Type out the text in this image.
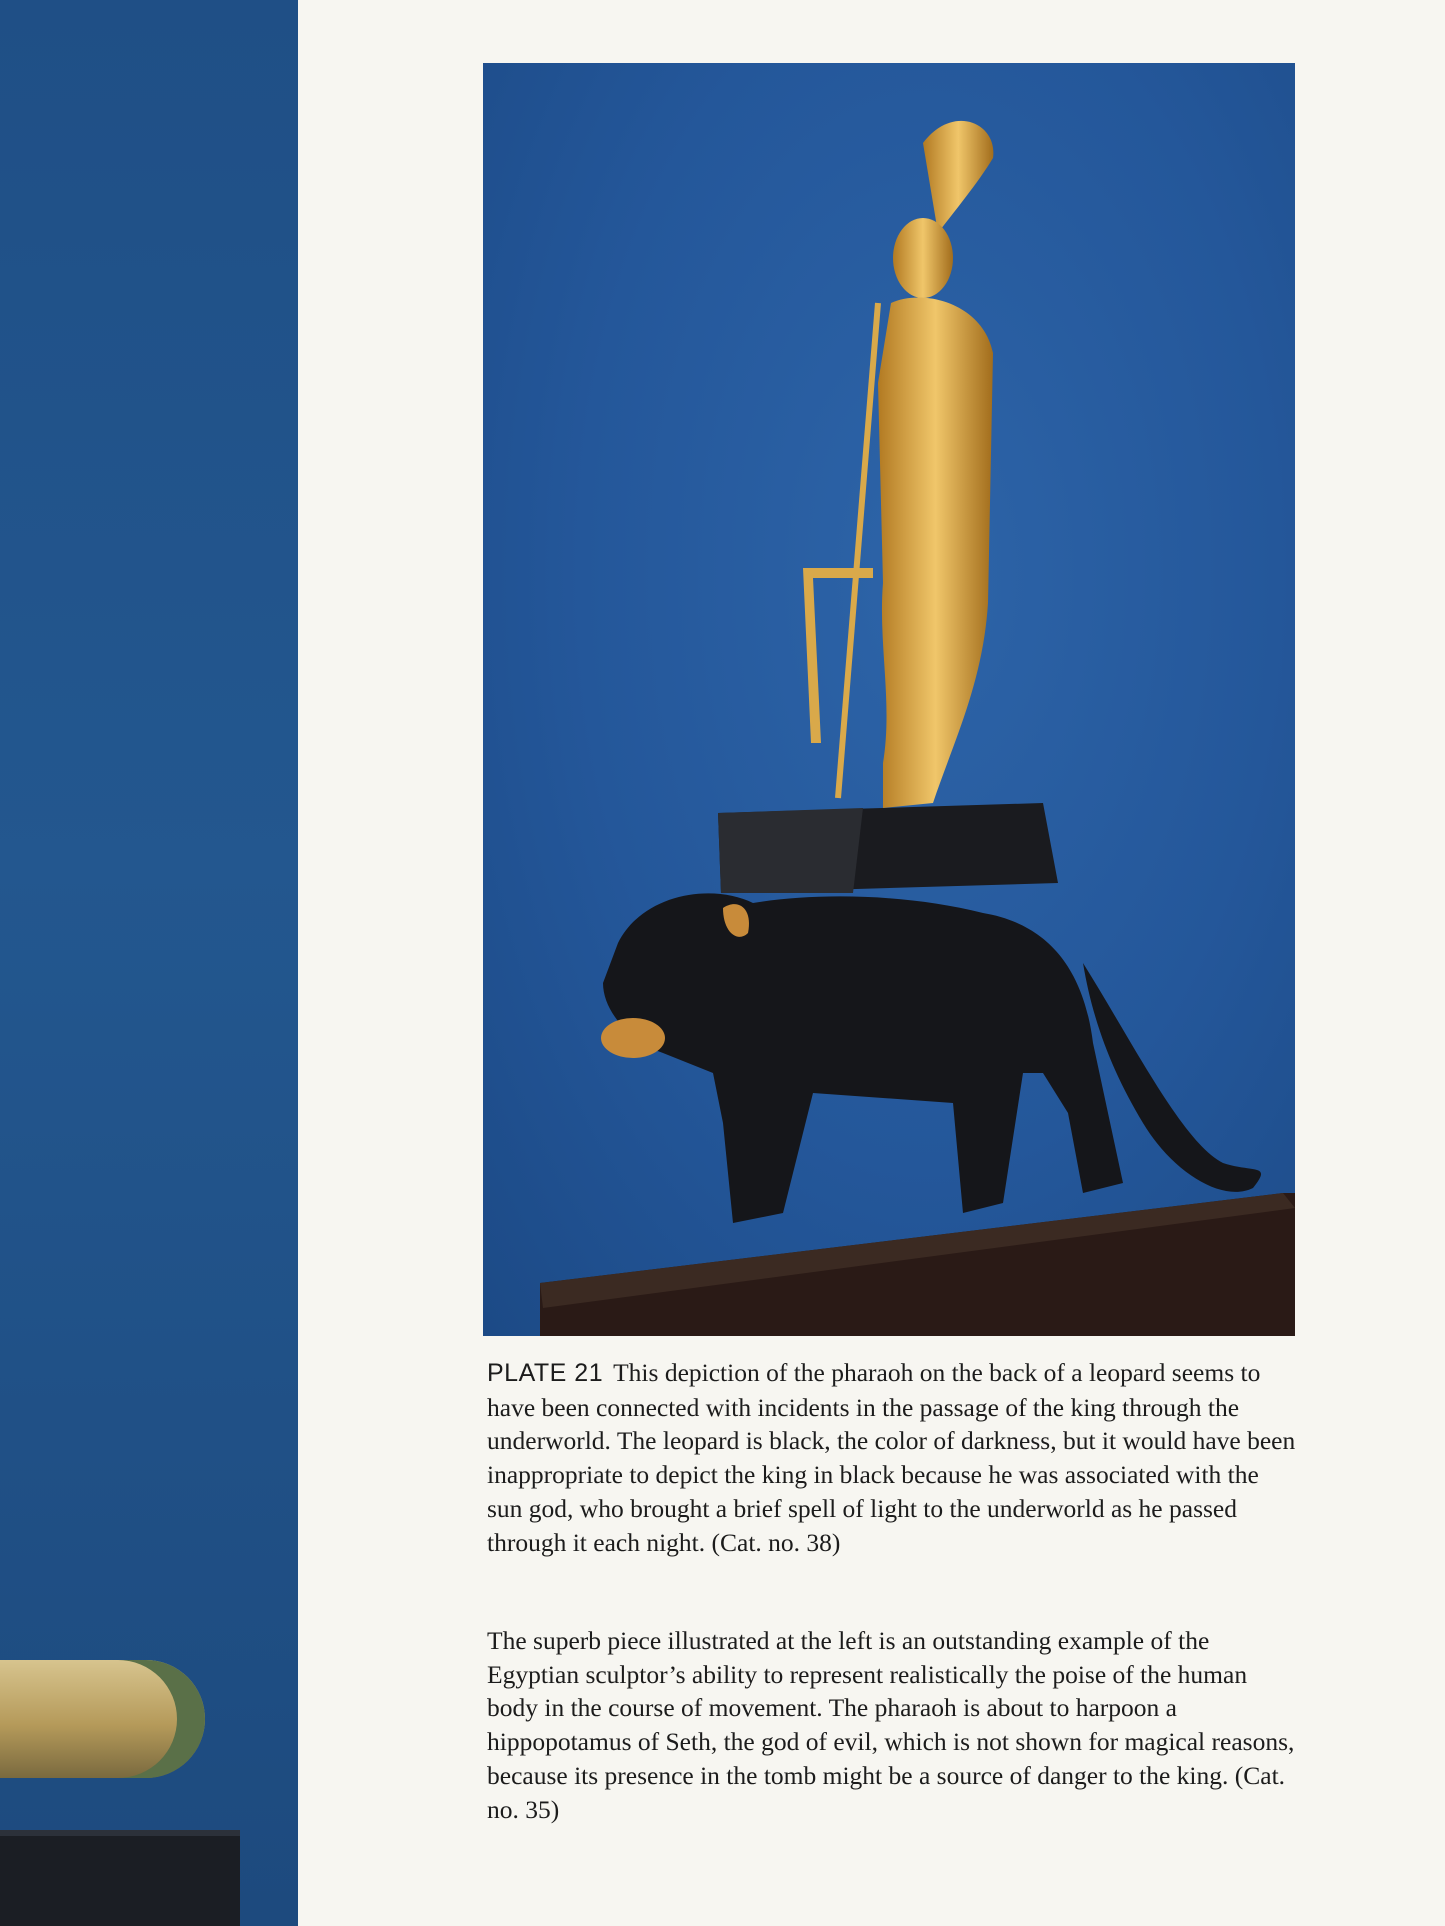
PLATE 21 This depiction of the pharaoh on the back of a leopard seems to have been connected with incidents in the passage of the king through the underworld. The leopard is black, the color of darkness, but it would have been inappropriate to depict the king in black because he was associated with the sun god, who brought a brief spell of light to the underworld as he passed through it each night. (Cat. no. 38)

The superb piece illustrated at the left is an outstanding example of the Egyptian sculptor’s ability to represent realistically the poise of the human body in the course of movement. The pharaoh is about to harpoon a hippopotamus of Seth, the god of evil, which is not shown for magical reasons, because its presence in the tomb might be a source of danger to the king. (Cat. no. 35)
